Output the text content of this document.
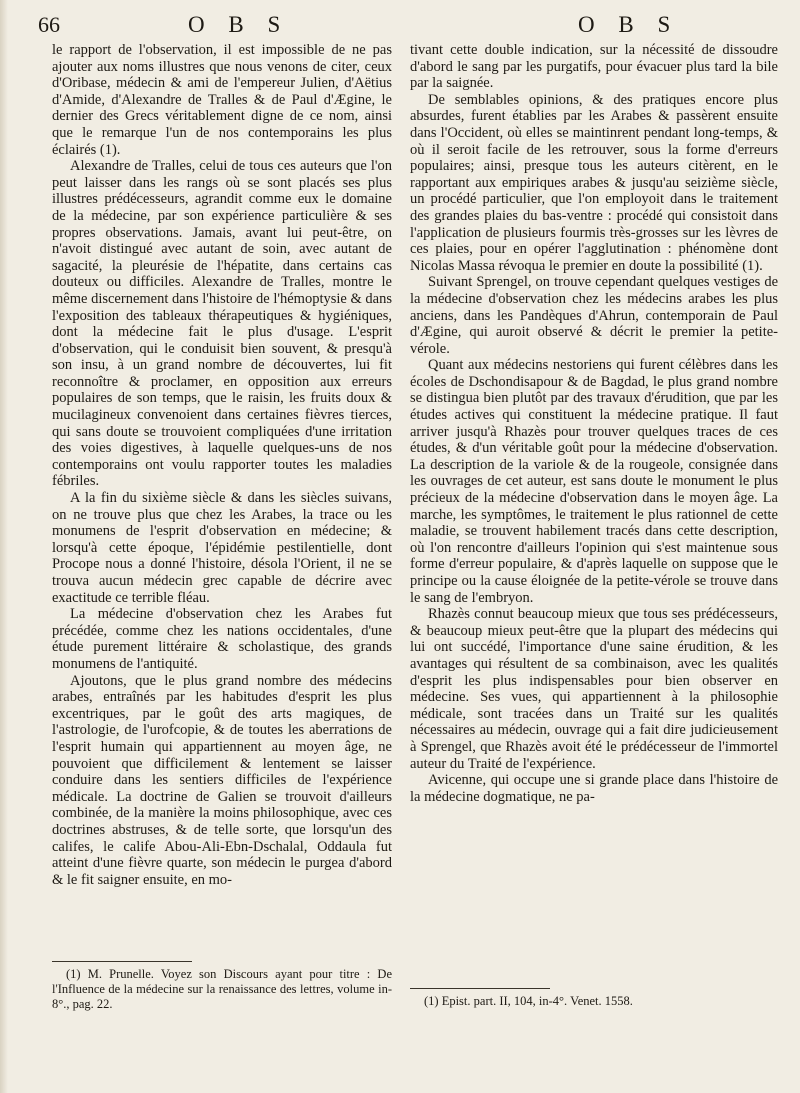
66	O B S	O B S

le rapport de l'observation, il est impossible de ne pas ajouter aux noms illustres que nous venons de citer, ceux d'Oribase, médecin & ami de l'empereur Julien, d'Aëtius d'Amide, d'Alexandre de Tralles & de Paul d'Ægine, le dernier des Grecs véritablement digne de ce nom, ainsi que le remarque l'un de nos contemporains les plus éclairés (1).

Alexandre de Tralles, celui de tous ces auteurs que l'on peut laisser dans les rangs où se sont placés ses plus illustres prédécesseurs, agrandit comme eux le domaine de la médecine, par son expérience particulière & ses propres observations. Jamais, avant lui peut-être, on n'avoit distingué avec autant de soin, avec autant de sagacité, la pleurésie de l'hépatite, dans certains cas douteux ou difficiles. Alexandre de Tralles, montre le même discernement dans l'histoire de l'hémoptysie & dans l'exposition des tableaux thérapeutiques & hygiéniques, dont la médecine fait le plus d'usage. L'esprit d'observation, qui le conduisit bien souvent, & presqu'à son insu, à un grand nombre de découvertes, lui fit reconnoître & proclamer, en opposition aux erreurs populaires de son temps, que le raisin, les fruits doux & mucilagineux convenoient dans certaines fièvres tierces, qui sans doute se trouvoient compliquées d'une irritation des voies digestives, à laquelle quelques-uns de nos contemporains ont voulu rapporter toutes les maladies fébriles.

A la fin du sixième siècle & dans les siècles suivans, on ne trouve plus que chez les Arabes, la trace ou les monumens de l'esprit d'observation en médecine; & lorsqu'à cette époque, l'épidémie pestilentielle, dont Procope nous a donné l'histoire, désola l'Orient, il ne se trouva aucun médecin grec capable de décrire avec exactitude ce terrible fléau.

La médecine d'observation chez les Arabes fut précédée, comme chez les nations occidentales, d'une étude purement littéraire & scholastique, des grands monumens de l'antiquité.

Ajoutons, que le plus grand nombre des médecins arabes, entraînés par les habitudes d'esprit les plus excentriques, par le goût des arts magiques, de l'astrologie, de l'urofcopie, & de toutes les aberrations de l'esprit humain qui appartiennent au moyen âge, ne pouvoient que difficilement & lentement se laisser conduire dans les sentiers difficiles de l'expérience médicale. La doctrine de Galien se trouvoit d'ailleurs combinée, de la manière la moins philosophique, avec ces doctrines abstruses, & de telle sorte, que lorsqu'un des califes, le calife Abou-Ali-Ebn-Dschalal, Oddaula fut atteint d'une fièvre quarte, son médecin le purgea d'abord & le fit saigner ensuite, en mo-

tivant cette double indication, sur la nécessité de dissoudre d'abord le sang par les purgatifs, pour évacuer plus tard la bile par la saignée.

De semblables opinions, & des pratiques encore plus absurdes, furent établies par les Arabes & passèrent ensuite dans l'Occident, où elles se maintinrent pendant long-temps, & où il seroit facile de les retrouver, sous la forme d'erreurs populaires; ainsi, presque tous les auteurs citèrent, en le rapportant aux empiriques arabes & jusqu'au seizième siècle, un procédé particulier, que l'on employoit dans le traitement des grandes plaies du bas-ventre : procédé qui consistoit dans l'application de plusieurs fourmis très-grosses sur les lèvres de ces plaies, pour en opérer l'agglutination : phénomène dont Nicolas Massa révoqua le premier en doute la possibilité (1).

Suivant Sprengel, on trouve cependant quelques vestiges de la médecine d'observation chez les médecins arabes les plus anciens, dans les Pandèques d'Ahrun, contemporain de Paul d'Ægine, qui auroit observé & décrit le premier la petite-vérole.

Quant aux médecins nestoriens qui furent célèbres dans les écoles de Dschondisapour & de Bagdad, le plus grand nombre se distingua bien plutôt par des travaux d'érudition, que par les études actives qui constituent la médecine pratique. Il faut arriver jusqu'à Rhazès pour trouver quelques traces de ces études, & d'un véritable goût pour la médecine d'observation. La description de la variole & de la rougeole, consignée dans les ouvrages de cet auteur, est sans doute le monument le plus précieux de la médecine d'observation dans le moyen âge. La marche, les symptômes, le traitement le plus rationnel de cette maladie, se trouvent habilement tracés dans cette description, où l'on rencontre d'ailleurs l'opinion qui s'est maintenue sous forme d'erreur populaire, & d'après laquelle on suppose que le principe ou la cause éloignée de la petite-vérole se trouve dans le sang de l'embryon.

Rhazès connut beaucoup mieux que tous ses prédécesseurs, & beaucoup mieux peut-être que la plupart des médecins qui lui ont succédé, l'importance d'une saine érudition, & les avantages qui résultent de sa combinaison, avec les qualités d'esprit les plus indispensables pour bien observer en médecine. Ses vues, qui appartiennent à la philosophie médicale, sont tracées dans un Traité sur les qualités nécessaires au médecin, ouvrage qui a fait dire judicieusement à Sprengel, que Rhazès avoit été le prédécesseur de l'immortel auteur du Traité de l'expérience.

Avicenne, qui occupe une si grande place dans l'histoire de la médecine dogmatique, ne pa-

(1) M. Prunelle. Voyez son Discours ayant pour titre : De l'Influence de la médecine sur la renaissance des lettres, volume in-8°., pag. 22.	(1) Epist. part. II, 104, in-4°. Venet. 1558.
